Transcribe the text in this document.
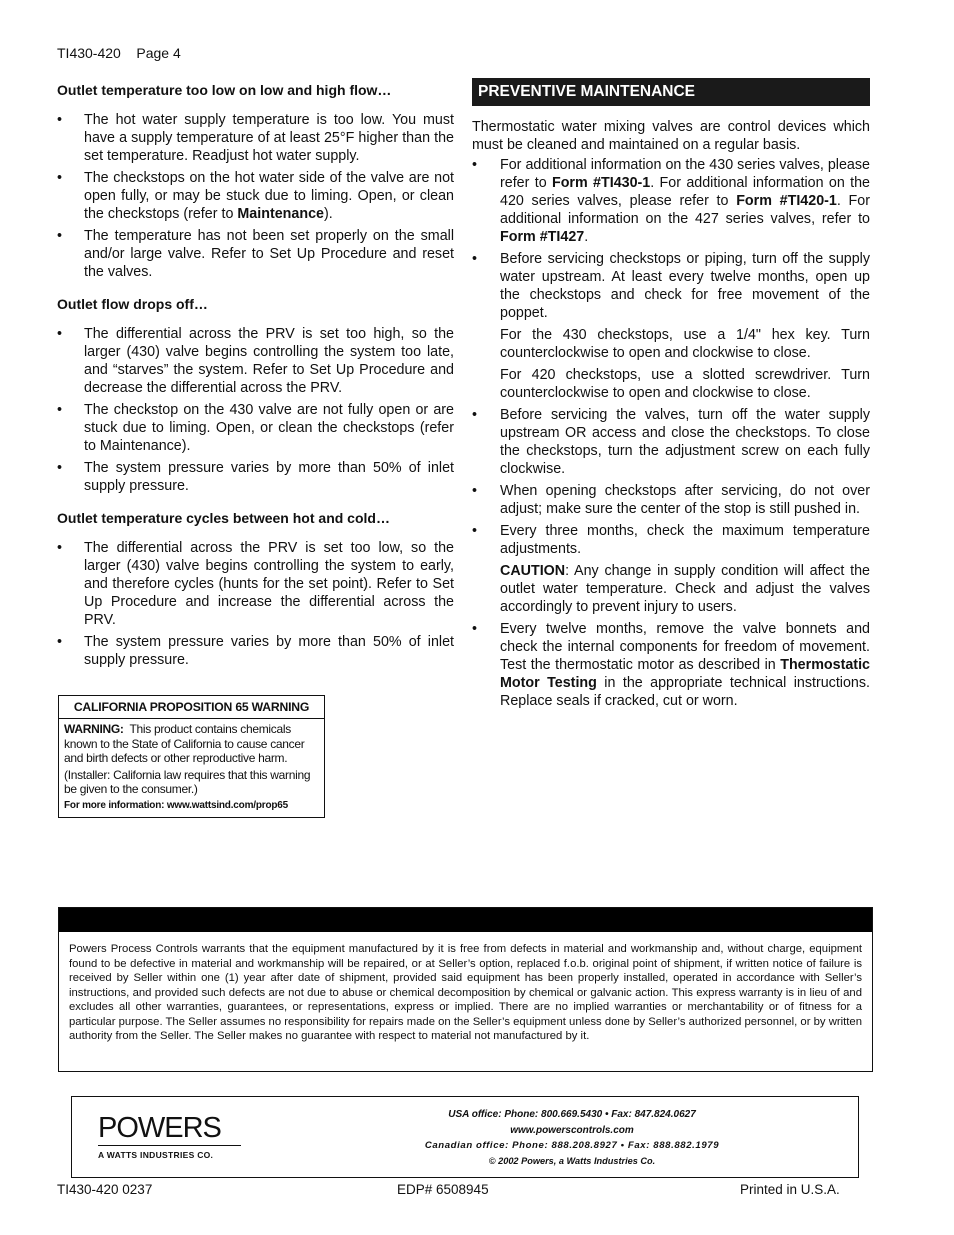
TI430-420 Page 4
Outlet temperature too low on low and high flow…
• The hot water supply temperature is too low. You must have a supply temperature of at least 25°F higher than the set temperature. Readjust hot water supply.
• The checkstops on the hot water side of the valve are not open fully, or may be stuck due to liming. Open, or clean the checkstops (refer to Maintenance).
• The temperature has not been set properly on the small and/or large valve. Refer to Set Up Procedure and reset the valves.
Outlet flow drops off…
• The differential across the PRV is set too high, so the larger (430) valve begins controlling the system too late, and “starves” the system. Refer to Set Up Procedure and decrease the differential across the PRV.
• The checkstop on the 430 valve are not fully open or are stuck due to liming. Open, or clean the checkstops (refer to Maintenance).
• The system pressure varies by more than 50% of inlet supply pressure.
Outlet temperature cycles between hot and cold…
• The differential across the PRV is set too low, so the larger (430) valve begins controlling the system to early, and therefore cycles (hunts for the set point). Refer to Set Up Procedure and increase the differential across the PRV.
• The system pressure varies by more than 50% of inlet supply pressure.
CALIFORNIA PROPOSITION 65 WARNING
WARNING: This product contains chemicals known to the State of California to cause cancer and birth defects or other reproductive harm.
(Installer: California law requires that this warning be given to the consumer.)
For more information: www.wattsind.com/prop65
PREVENTIVE MAINTENANCE
Thermostatic water mixing valves are control devices which must be cleaned and maintained on a regular basis.
• For additional information on the 430 series valves, please refer to Form #TI430-1. For additional information on the 420 series valves, please refer to Form #TI420-1. For additional information on the 427 series valves, refer to Form #TI427.
• Before servicing checkstops or piping, turn off the supply water upstream. At least every twelve months, open up the checkstops and check for free movement of the poppet.
For the 430 checkstops, use a 1/4" hex key. Turn counterclockwise to open and clockwise to close.
For 420 checkstops, use a slotted screwdriver. Turn counterclockwise to open and clockwise to close.
• Before servicing the valves, turn off the water supply upstream OR access and close the checkstops. To close the checkstops, turn the adjustment screw on each fully clockwise.
• When opening checkstops after servicing, do not over adjust; make sure the center of the stop is still pushed in.
• Every three months, check the maximum temperature adjustments.
CAUTION: Any change in supply condition will affect the outlet water temperature. Check and adjust the valves accordingly to prevent injury to users.
• Every twelve months, remove the valve bonnets and check the internal components for freedom of movement. Test the thermostatic motor as described in Thermostatic Motor Testing in the appropriate technical instructions. Replace seals if cracked, cut or worn.
Powers Process Controls warrants that the equipment manufactured by it is free from defects in material and workmanship and, without charge, equipment found to be defective in material and workmanship will be repaired, or at Seller’s option, replaced f.o.b. original point of shipment, if written notice of failure is received by Seller within one (1) year after date of shipment, provided said equipment has been properly installed, operated in accordance with Seller’s instructions, and provided such defects are not due to abuse or chemical decomposition by chemical or galvanic action. This express warranty is in lieu of and excludes all other warranties, guarantees, or representations, express or implied. There are no implied warranties or merchantability or of fitness for a particular purpose. The Seller assumes no responsibility for repairs made on the Seller’s equipment unless done by Seller’s authorized personnel, or by written authority from the Seller. The Seller makes no guarantee with respect to material not manufactured by it.
POWERS
A WATTS INDUSTRIES CO.
USA office: Phone: 800.669.5430 • Fax: 847.824.0627
www.powerscontrols.com
Canadian office: Phone: 888.208.8927 • Fax: 888.882.1979
© 2002 Powers, a Watts Industries Co.
TI430-420 0237	EDP# 6508945	Printed in U.S.A.
